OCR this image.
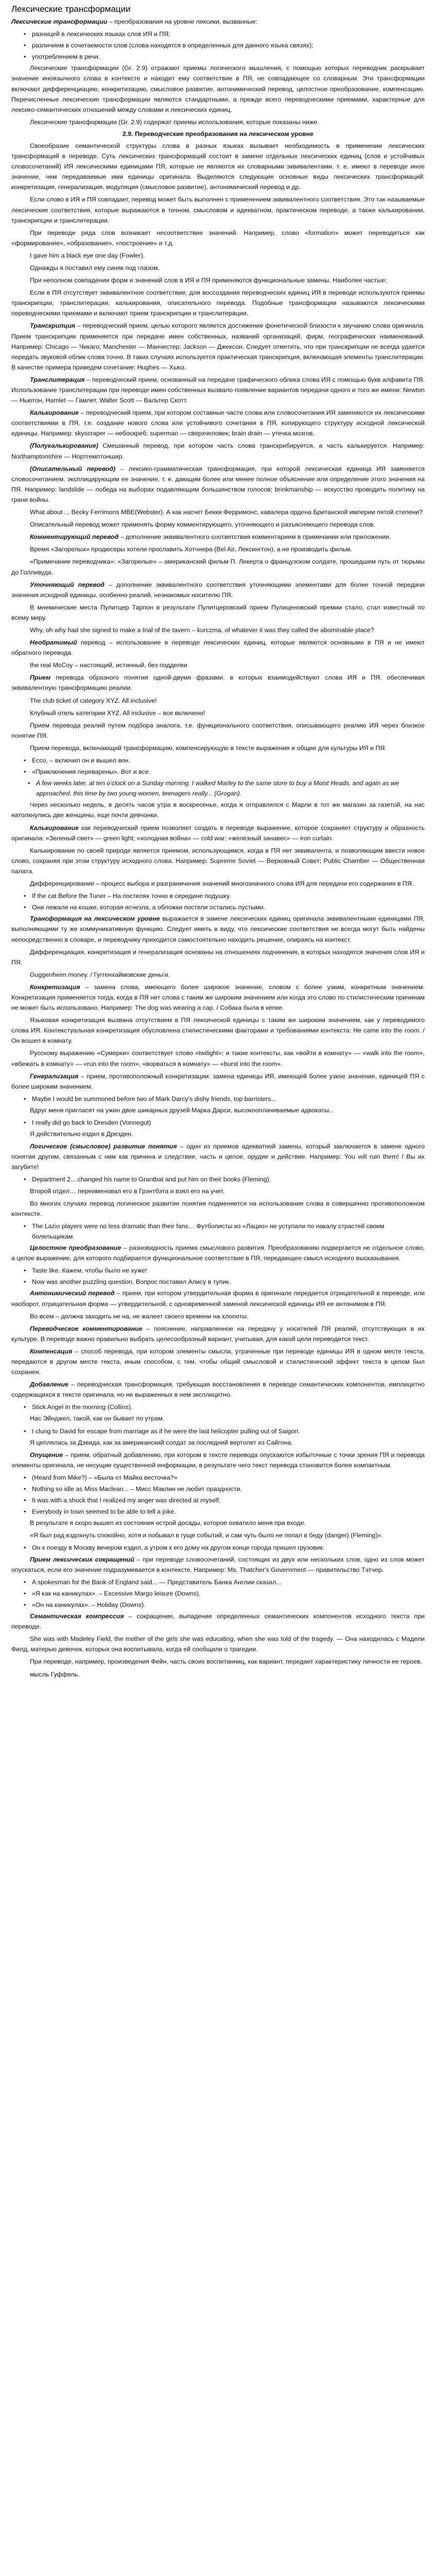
Лексические трансформации

Лексические трансформации – преобразования на уровне лексики, вызванные:

• разницей в лексических языках слов ИЯ и ПЯ;
• различием в сочетаемости слов (слова находятся в определенных для данного языка связях);
• употреблением в речи.

Лексические трансформации (Gr. 2.9) отражают приемы логического мышления, с помощью которых переводчик раскрывает значение иноязычного слова в контексте и находит ему соответствие в ПЯ, не совпадающее со словарным. Эти трансформации включают дифференциацию, конкретизацию, смысловое развитие, антонимический перевод, целостное преобразование, компенсацию. Перечисленные лексические трансформации являются стандартными, а прежде всего переводческими приемами, характерные для лексико-семантических отношений между словами и лексических единиц.

Лексические трансформации (Gr. 2.9) содержат приемы использования, которые показаны ниже.

2.9. Переводческие преобразования на лексическом уровне

Своеобразие семантической структуры слова в разных языках вызывает необходимость в применении лексических трансформаций в переводе. Суть лексических трансформаций состоит в замене отдельных лексических единиц (слов и устойчивых словосочетаний) ИЯ лексическими единицами ПЯ, которые не являются их словарными эквивалентами, т. е. имеют в переводе иное значение, чем передаваемые ими единицы оригинала. Выделяются следующие основные виды лексических трансформаций: конкретизация, генерализация, модуляция (смысловое развитие), антонимический перевод и др.

Если слово в ИЯ и ПЯ совпадает, перевод может быть выполнен с применением эквивалентного соответствия. Это так называемые лексические соответствия, которые выражаются в точном, смысловом и адекватном, практическом переводе, а также калькировании, транскрипции и транслитерации.

При переводе ряда слов возникает несоответствие значений. Например, слово «formation» может переводиться как «формирование», «образование», «построение» и т.д.

I gave him a black eye one day (Fowler).

Однажды я поставил ему синяк под глазом.

При неполном совпадении форм и значений слов в ИЯ и ПЯ применяются функциональные замены. Наиболее частые:

Если в ПЯ отсутствует эквивалентное соответствие, для воссоздания переводческих единиц ИЯ в переводе используются приемы транскрипции, транслитерации, калькирования, описательного перевода. Подобные трансформации называются лексическими переводческими приемами и включают прием транскрипции и транслитерации.

Транскрипция – переводческий прием, целью которого является достижение фонетической близости к звучанию слова оригинала. Прием транскрипции применяется при передаче имен собственных, названий организаций, фирм, географических наименований. Например: Chicago — Чикаго; Manchester — Манчестер; Jackson — Джексон. Следует отметить, что при транскрипции не всегда удается передать звуковой облик слова точно. В таких случаях используется практическая транскрипция, включающая элементы транслитерации. В качестве примера приведем сочетание: Hughes — Хьюз.

Транслитерация – переводческий прием, основанный на передаче графического облика слова ИЯ с помощью букв алфавита ПЯ. Использование транслитерации при переводе имен собственных вызвало появление вариантов передачи одного и того же имени: Newton — Ньютон, Hamlet — Гамлет, Walter Scott — Вальтер Скотт.

Калькирование – переводческий прием, при котором составные части слова или словосочетания ИЯ заменяются их лексическими соответствиями в ПЯ, т.е. создание нового слова или устойчивого сочетания в ПЯ, копирующего структуру исходной лексической единицы. Например: skyscraper — небоскреб; superman — сверхчеловек; brain drain — утечка мозгов.

(Полукалькирование) Смешанный перевод, при котором часть слова транскрибируется, а часть калькируется. Например: Northamptonshire — Нортгемптоншир.

(Описательный перевод) – лексико-грамматическая трансформация, при которой лексическая единица ИЯ заменяется словосочетанием, эксплицирующим ее значение, т. е. дающим более или менее полное объяснение или определение этого значения на ПЯ. Например: landslide — победа на выборах подавляющим большинством голосов; brinkmanship — искусство проводить политику на грани войны.

What about ... Becky Ferrimons MBE(Webster). А как насчет Бекки Ферримонс, кавалера ордена Британской империи пятой степени?

Описательный перевод может применять форму комментирующего, уточняющего и разъясняющего перевода слов.

Комментирующий перевод – дополнение эквивалентного соответствия комментарием в примечании или приложении.

Время «Загорелых» продюсеры хотели прославить Хотчнера (Bel Air, Лексингтон), а не производить фильм.

«Примечание переводчика»: «Загорелые» – американский фильм П. Лекерта о французском солдате, прошедшем путь от тюрьмы до Голливуда.

Уточняющий перевод – дополнение эквивалентного соответствия уточняющими элементами для более точной передачи значения исходной единицы, особенно реалий, незнакомых носителю ПЯ.

В мнемические места Пулитцер Тарпон в результате Пулитцеровский прием Пулиценовский премии стало, стал известный по всему миру.

Why, oh why had she signed to make a trial of the tavern – kurczma, of whatever it was they called the abominable place?

Необратимый перевод – использование в переводе лексических единиц, которые являются основными в ПЯ и не имеют обратного перевода.

the real McCoy – настоящий, истинный, без подделки

Прием перевода образного понятия одной-двумя фразами, в которых взаимодействуют слова ИЯ и ПЯ, обеспечивая эквивалентную трансформацию реалии.

The club ticket of category XYZ. All inclusive!

Клубный отель категории XYZ. All inclusive – все включено!

Прием перевода реалий путем подбора аналога, т.е. функционального соответствия, описывающего реалию ИЯ через близкое понятие ПЯ.

Прием перевода, включающий трансформацию, компенсирующую в тексте выражения и общие для культуры ИЯ и ПЯ.

• Ecco, – включил он и вышел вон.
• «Приключения переварены». Вот и все.
• A few weeks later, at ten o'clock on a Sunday morning, I walked Marley to the same store to buy a Moist Heads, and again as we approached, this time by two young women, teenagers really... (Grogan).

Через несколько недель, в десять часов утра в воскресенье, когда я отправлялся с Марли в тот же магазин за газетой, на нас натолкнулись две женщины, еще почти девчонки.

Калькирование как переводческий прием позволяет создать в переводе выражение, которое сохраняет структуру и образность оригинала: «Зеленый свет» — green light; «холодная война» — cold war; «железный занавес» — iron curtain.

Калькирование по своей природе является приемом, использующимся, когда в ПЯ нет эквивалента, и позволяющим ввести новое слово, сохраняя при этом структуру исходного слова. Например: Supreme Soviet — Верховный Совет; Public Chamber — Общественная палата.

Дифференцирование – процесс выбора и разграничения значений многозначного слова ИЯ для передачи его содержания в ПЯ.

• If the cat Before the Tuner – На постелях точно в середине подушку.
• Они лежали на кошке, которая исчезла, а обложки постели остались пустыми.

Трансформация на лексическом уровне выражается в замене лексических единиц оригинала эквивалентными единицами ПЯ, выполняющими ту же коммуникативную функцию. Следует иметь в виду, что лексические соответствия не всегда могут быть найдены непосредственно в словаре, и переводчику приходится самостоятельно находить решение, опираясь на контекст.

Дифференциация, конкретизация и генерализация основаны на отношениях подчинения, в которых находятся значения слов ИЯ и ПЯ.

Guggenheim money. / Гуггенхаймовские деньги.

Конкретизация – замена слова, имеющего более широкое значение, словом с более узким, конкретным значением. Конкретизация применяется тогда, когда в ПЯ нет слова с таким же широким значением или когда это слово по стилистическим причинам не может быть использовано. Например: The dog was wearing a cap. / Собака была в кепке.

Языковая конкретизация вызвана отсутствием в ПЯ лексической единицы с таким же широким значением, как у переводимого слова ИЯ. Контекстуальная конкретизация обусловлена стилистическими факторами и требованиями контекста: He came into the room. / Он вошел в комнату.

Русскому выражению «Сумерки» соответствует слово «twilight»; и такие контексты, как «войти в комнату» — «walk into the room», «вбежать в комнату» — «run into the room», «ворваться в комнату» — «burst into the room».

Генерализация – прием, противоположный конкретизации: замена единицы ИЯ, имеющей более узкое значение, единицей ПЯ с более широким значением.

• Maybe I would be summoned before two of Mark Darcy's dishy friends, top barristers...

Вдруг меня пригласят на ужин двое шикарных друзей Марка Дарси, высокооплачиваемые адвокаты...

• I really did go back to Dresden (Vonnegut)

Я действительно ездил в Дрезден.

Логическое (смысловое) развитие понятия – один из приемов адекватной замены, который заключается в замене одного понятия другим, связанным с ним как причина и следствие, часть и целое, орудие и действие. Например: You will ruin them! / Вы их загубите!

• Department 2....changed his name to Grantbat and put him on their books (Fleming).

Второй отдел… переименовал его в Грэнтбэта и взял его на учет.

Во многих случаях перевод логическое развитие понятия подменяется на использование слова в совершенно противоположном контексте.

• The Lazio players were no less dramatic than their fans… Футболисты из «Лацио» не уступали по накалу страстей своим болельщикам.

Целостное преобразование – разновидность приема смыслового развития. Преобразованию подвергается не отдельное слово, а целое выражение, для которого подбирается функциональное соответствие в ПЯ, передающее смысл исходного высказывания.

• Taste like. Кажем, чтобы было не хуже!
• Now was another puzzling question. Вопрос поставил Алису в тупик.

Антонимический перевод – прием, при котором утвердительная форма в оригинале передается отрицательной в переводе, или наоборот, отрицательная форма — утвердительной, с одновременной заменой лексической единицы ИЯ ее антонимом в ПЯ.

Во всем – должна заходить не на, не жалеет своего времени на хлопоты.

Переводческое комментирование – пояснение, направленное на передачу у носителей ПЯ реалий, отсутствующих в их культуре. В переводе важно правильно выбрать целесообразный вариант, учитывая, для какой цели переводится текст.

Компенсация – способ перевода, при котором элементы смысла, утраченные при переводе единицы ИЯ в одном месте текста, передаются в другом месте текста, иным способом, с тем, чтобы общий смысловой и стилистический эффект текста в целом был сохранен.

Добавление – переводческая трансформация, требующая восстановления в переводе семантических компонентов, имплицитно содержащихся в тексте оригинала, но не выраженных в нем эксплицитно.

• Stick Angel in the morning (Collins).

Нас Эйнджел, такой, как он бывает по утрам.

• I clung to David for escape from marriage as if he were the last helicopter pulling out of Saigon.

Я цеплялась за Дэвида, как за американский солдат за последний вертолет из Сайгона.

Опущение – прием, обратный добавлению, при котором в тексте перевода опускаются избыточные с точки зрения ПЯ и перевода элементы оригинала, не несущие существенной информации, в результате чего текст перевода становится более компактным.

• (Heard from Mike?) – «Была от Майка весточка?»
• Nothing so idle as Miss Maclean... – Мисс Маклин не любит праздности.
• It was with a shock that I realized my anger was directed at myself.
• Everybody in town seemed to be able to tell a joke.

В результате я скоро вышел из состояния острой досады, которое охватило меня при входе.

«Я был рад вздохнуть спокойно, хотя и побывал в гуще событий, и сам чуть было не попал в беду (danger) (Fleming)».

• Он к поезду в Москву вечером ездил, а утром к его дому на другом конце города пришел грузовик.

Прием лексических сокращений – при переводе словосочетаний, состоящих из двух или нескольких слов, одно из слов может опускаться, если его значение подразумевается в контексте. Например: Ms. Thatcher's Government — правительство Тэтчер.

• A spokesman for the Bank of England said... — Представитель Банка Англии сказал...
• «Я как на каникулах». – Excessive Margo leisure (Downs).
• «Он на каникулах». – Holiday (Downs).

Семантическая компрессия – сокращение, выпадение определенных семантических компонентов исходного текста при переводе.

She was with Madeley Field, the mother of the girls she was educating, when she was told of the tragedy. — Она находилась с Мадели Филд, матерью девочек, которых она воспитывала, когда ей сообщили о трагедии.

При переводе, например, произведения Фейн, часть своих воспитанниц, как вариант, передает характеристику личности ее героев.

мысль Гуффель.
